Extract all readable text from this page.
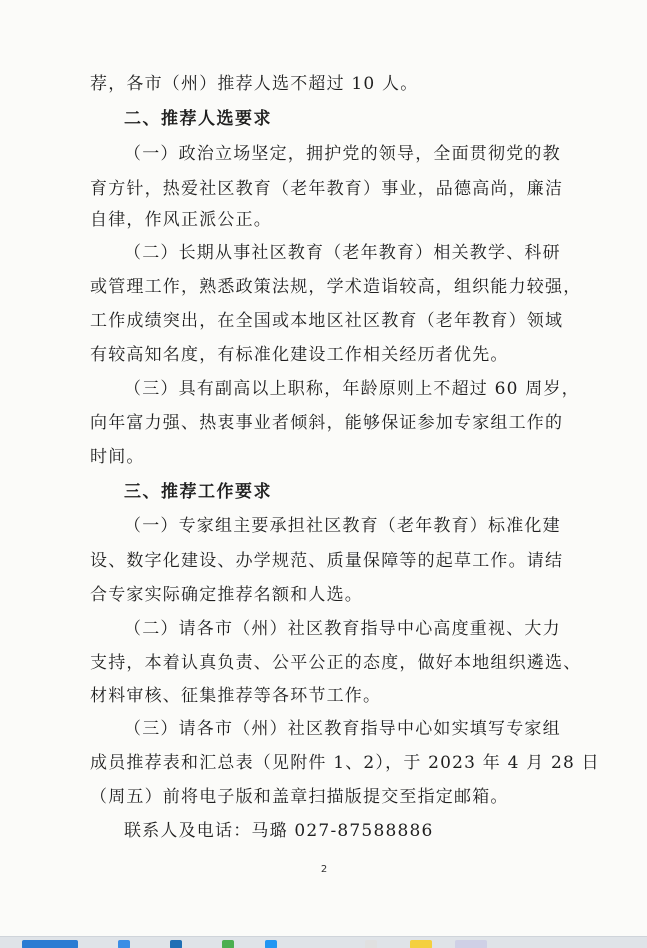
荐，各市（州）推荐人选不超过 10 人。
二、推荐人选要求
（一）政治立场坚定，拥护党的领导，全面贯彻党的教
育方针，热爱社区教育（老年教育）事业，品德高尚，廉洁
自律，作风正派公正。
（二）长期从事社区教育（老年教育）相关教学、科研
或管理工作，熟悉政策法规，学术造诣较高，组织能力较强，
工作成绩突出，在全国或本地区社区教育（老年教育）领域
有较高知名度，有标准化建设工作相关经历者优先。
（三）具有副高以上职称，年龄原则上不超过 60 周岁，
向年富力强、热衷事业者倾斜，能够保证参加专家组工作的
时间。
三、推荐工作要求
（一）专家组主要承担社区教育（老年教育）标准化建
设、数字化建设、办学规范、质量保障等的起草工作。请结
合专家实际确定推荐名额和人选。
（二）请各市（州）社区教育指导中心高度重视、大力
支持，本着认真负责、公平公正的态度，做好本地组织遴选、
材料审核、征集推荐等各环节工作。
（三）请各市（州）社区教育指导中心如实填写专家组
成员推荐表和汇总表（见附件 1、2），于 2023 年 4 月 28 日
（周五）前将电子版和盖章扫描版提交至指定邮箱。
联系人及电话：马璐 027-87588886
2
